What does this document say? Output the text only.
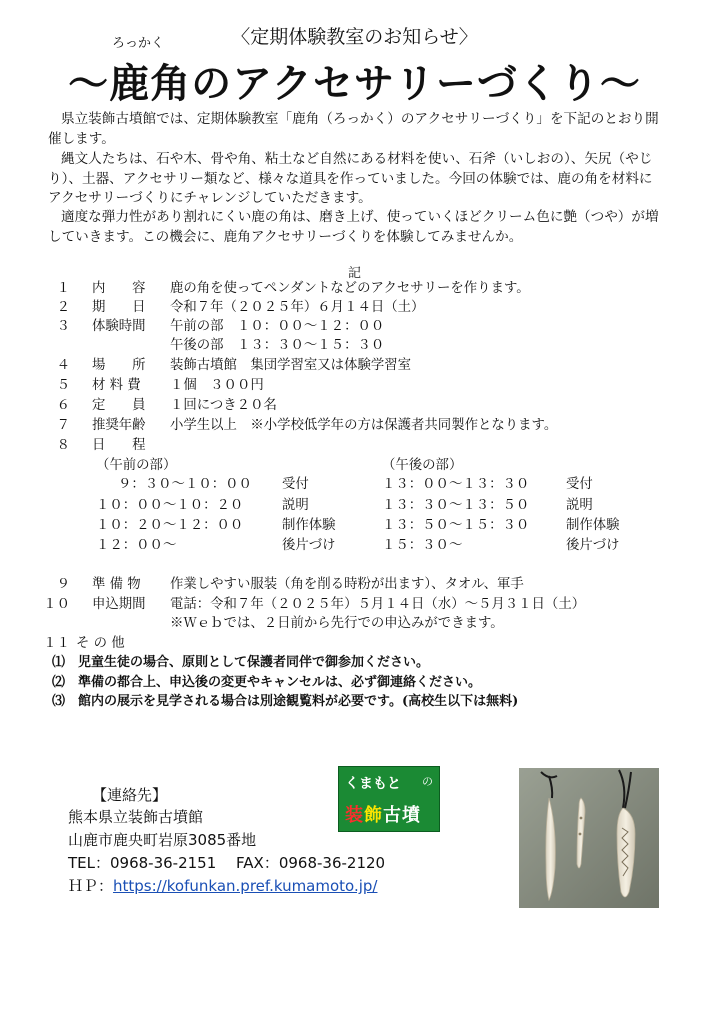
〈定期体験教室のお知らせ〉
ろっかく
～鹿角のアクセサリーづくり～

県立装飾古墳館では、定期体験教室「鹿角（ろっかく）のアクセサリーづくり」を下記のとおり開催します。

縄文人たちは、石や木、骨や角、粘土など自然にある材料を使い、石斧（いしおの）、矢尻（やじり）、土器、アクセサリー類など、様々な道具を作っていました。今回の体験では、鹿の角を材料にアクセサリーづくりにチャレンジしていただきます。

適度な弾力性があり割れにくい鹿の角は、磨き上げ、使っていくほどクリーム色に艶（つや）が増していきます。この機会に、鹿角アクセサリーづくりを体験してみませんか。

記
１ 内　　容 鹿の角を使ってペンダントなどのアクセサリーを作ります。
２ 期　　日 令和７年（２０２５年）６月１４日（土）
３ 体験時間 午前の部　１０：００～１２：００
午後の部　１３：３０～１５：３０
４ 場　　所 装飾古墳館　集団学習室又は体験学習室
５ 材 料 費 １個　３００円
６ 定　　員 １回につき２０名
７ 推奨年齢 小学生以上　※小学校低学年の方は保護者共同製作となります。
８ 日　　程
（午前の部）	（午後の部）
９：３０～１０：００ 受付	１３：００～１３：３０	受付
１０：００～１０：２０	説明	１３：３０～１３：５０	説明
１０：２０～１２：００	制作体験	１３：５０～１５：３０	制作体験
１２：００～	後片づけ	１５：３０～	後片づけ
９ 準 備 物 作業しやすい服装（角を削る時粉が出ます）、タオル、軍手
１０ 申込期間 電話：令和７年（２０２５年）５月１４日（水）～５月３１日（土）
※Ｗｅｂでは、２日前から先行での申込みができます。
１１ そ の 他
⑴　児童生徒の場合、原則として保護者同伴で御参加ください。
⑵　準備の都合上、申込後の変更やキャンセルは、必ず御連絡ください。
⑶　館内の展示を見学される場合は別途観覧料が必要です。(高校生以下は無料)
【連絡先】
熊本県立装飾古墳館
山鹿市鹿央町岩原3085番地
TEL：0968-36-2151　 FAX：0968-36-2120
ＨＰ：https://kofunkan.pref.kumamoto.jp/
くまもと の
装飾古墳
